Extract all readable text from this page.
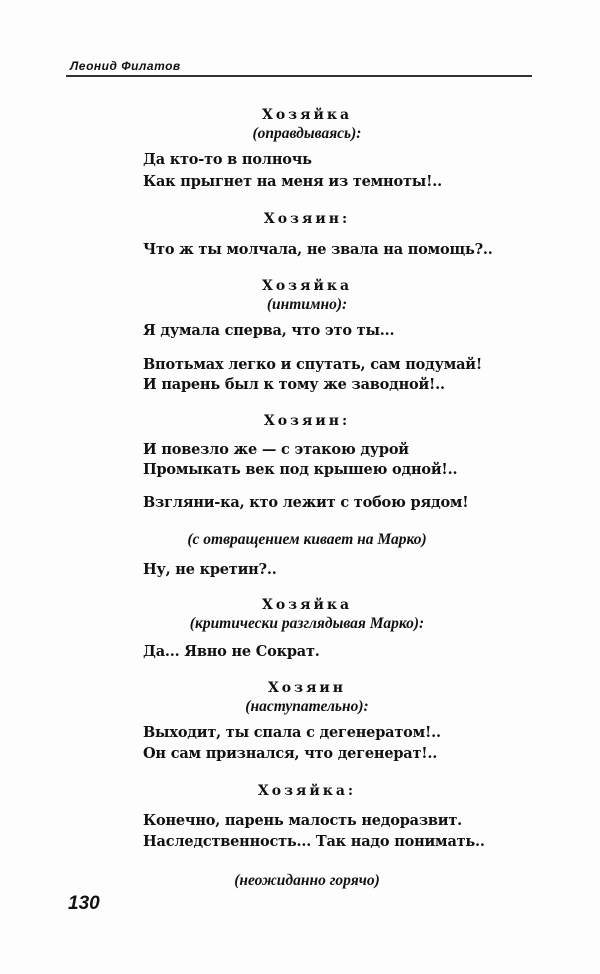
Леонид Филатов
Хозяйка
(оправдываясь):
Да кто-то в полночь
Как прыгнет на меня из темноты!..
Хозяин:
Что ж ты молчала, не звала на помощь?..
Хозяйка
(интимно):
Я думала сперва, что это ты...
Впотьмах легко и спутать, сам подумай!
И парень был к тому же заводной!..
Хозяин:
И повезло же — с этакою дурой
Промыкать век под крышею одной!..
Взгляни-ка, кто лежит с тобою рядом!
(с отвращением кивает на Марко)
Ну, не кретин?..
Хозяйка
(критически разглядывая Марко):
Да... Явно не Сократ.
Хозяин
(наступательно):
Выходит, ты спала с дегенератом!..
Он сам признался, что дегенерат!..
Хозяйка:
Конечно, парень малость недоразвит.
Наследственность... Так надо понимать..
(неожиданно горячо)
130
